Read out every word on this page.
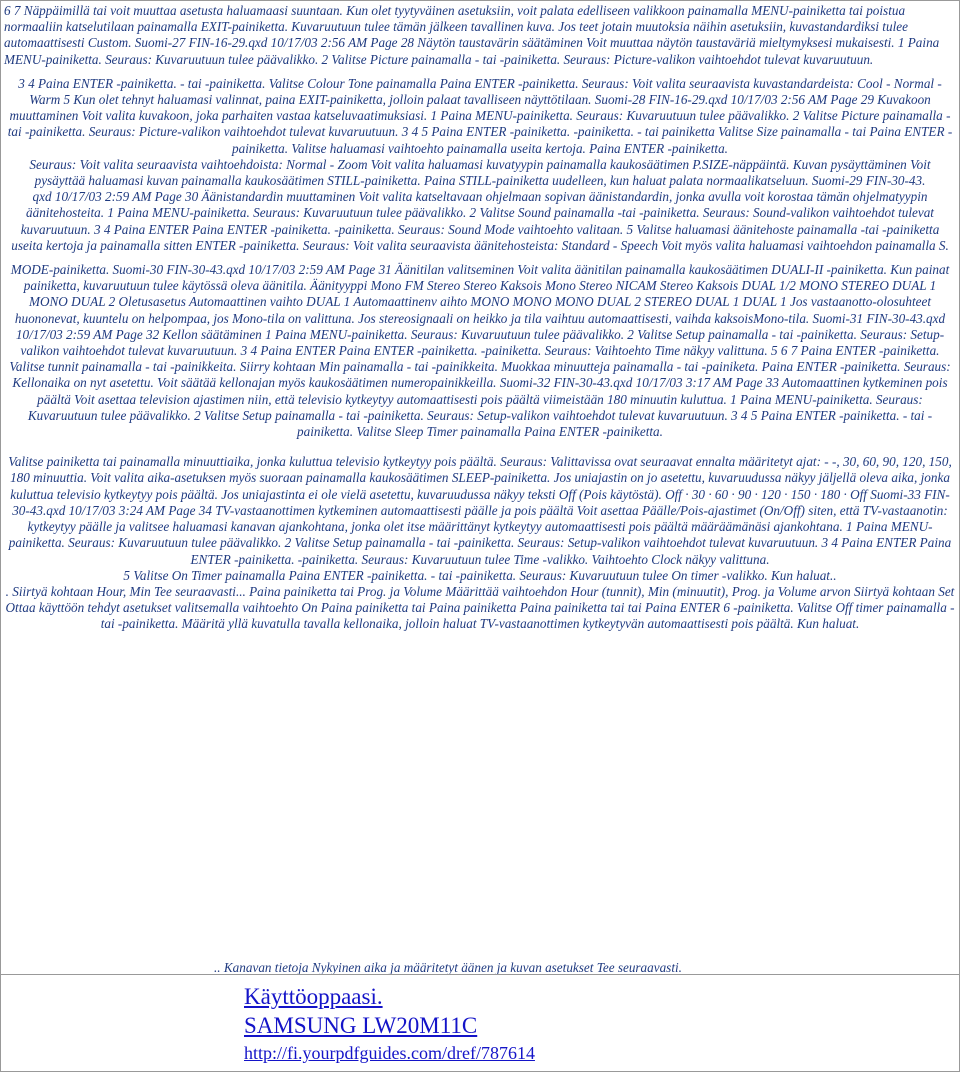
6 7 Näppäimillä tai voit muuttaa asetusta haluamaasi suuntaan. Kun olet tyytyväinen asetuksiin, voit palata edelliseen valikkoon painamalla MENU-painiketta tai poistua normaaliin katselutilaan painamalla EXIT-painiketta. Kuvaruutuun tulee tämän jälkeen tavallinen kuva. Jos teet jotain muutoksia näihin asetuksiin, kuvastandardiksi tulee automaattisesti Custom. Suomi-27 FIN-16-29.qxd 10/17/03 2:56 AM Page 28 Näytön taustavärin säätäminen Voit muuttaa näytön taustaväriä mieltymyksesi mukaisesti. 1 Paina MENU-painiketta. Seuraus: Kuvaruutuun tulee päävalikko. 2 Valitse Picture painamalla - tai -painiketta. Seuraus: Picture-valikon vaihtoehdot tulevat kuvaruutuun.

3 4 Paina ENTER -painiketta. - tai -painiketta. Valitse Colour Tone painamalla Paina ENTER -painiketta. Seuraus: Voit valita seuraavista kuvastandardeista: Cool - Normal - Warm 5 Kun olet tehnyt haluamasi valinnat, paina EXIT-painiketta, jolloin palaat tavalliseen näyttötilaan. Suomi-28 FIN-16-29.qxd 10/17/03 2:56 AM Page 29 Kuvakoon muuttaminen Voit valita kuvakoon, joka parhaiten vastaa katseluvaatimuksiasi. 1 Paina MENU-painiketta. Seuraus: Kuvaruutuun tulee päävalikko. 2 Valitse Picture painamalla - tai -painiketta. Seuraus: Picture-valikon vaihtoehdot tulevat kuvaruutuun. 3 4 5 Paina ENTER -painiketta. -painiketta. - tai painiketta Valitse Size painamalla - tai Paina ENTER -painiketta. Valitse haluamasi vaihtoehto painamalla useita kertoja. Paina ENTER -painiketta.

Seuraus: Voit valita seuraavista vaihtoehdoista: Normal - Zoom Voit valita haluamasi kuvatyypin painamalla kaukosäätimen P.SIZE-näppäintä. Kuvan pysäyttäminen Voit pysäyttää haluamasi kuvan painamalla kaukosäätimen STILL-painiketta. Paina STILL-painiketta uudelleen, kun haluat palata normaalikatseluun. Suomi-29 FIN-30-43.

qxd 10/17/03 2:59 AM Page 30 Äänistandardin muuttaminen Voit valita katseltavaan ohjelmaan sopivan äänistandardin, jonka avulla voit korostaa tämän ohjelmatyypin äänitehosteita. 1 Paina MENU-painiketta. Seuraus: Kuvaruutuun tulee päävalikko. 2 Valitse Sound painamalla -tai -painiketta. Seuraus: Sound-valikon vaihtoehdot tulevat kuvaruutuun. 3 4 Paina ENTER Paina ENTER -painiketta. -painiketta. Seuraus: Sound Mode vaihtoehto valitaan. 5 Valitse haluamasi äänitehoste painamalla -tai -painiketta useita kertoja ja painamalla sitten ENTER -painiketta. Seuraus: Voit valita seuraavista äänitehosteista: Standard - Speech Voit myös valita haluamasi vaihtoehdon painamalla S.

MODE-painiketta. Suomi-30 FIN-30-43.qxd 10/17/03 2:59 AM Page 31 Äänitilan valitseminen Voit valita äänitilan painamalla kaukosäätimen DUALI-II -painiketta. Kun painat painiketta, kuvaruutuun tulee käytössä oleva äänitila. Äänityyppi Mono FM Stereo Stereo Kaksois Mono Stereo NICAM Stereo Kaksois DUAL 1/2 MONO STEREO DUAL 1 MONO DUAL 2 Oletusasetus Automaattinen vaihto DUAL 1 Automaattinenv aihto MONO MONO MONO DUAL 2 STEREO DUAL 1 DUAL 1 Jos vastaanotto-olosuhteet huononevat, kuuntelu on helpompaa, jos Mono-tila on valittuna. Jos stereosignaali on heikko ja tila vaihtuu automaattisesti, vaihda kaksoisMono-tila. Suomi-31 FIN-30-43.qxd 10/17/03 2:59 AM Page 32 Kellon säätäminen 1 Paina MENU-painiketta. Seuraus: Kuvaruutuun tulee päävalikko. 2 Valitse Setup painamalla - tai -painiketta. Seuraus: Setup-valikon vaihtoehdot tulevat kuvaruutuun. 3 4 Paina ENTER Paina ENTER -painiketta. -painiketta. Seuraus: Vaihtoehto Time näkyy valittuna. 5 6 7 Paina ENTER -painiketta. Valitse tunnit painamalla - tai -painikkeita. Siirry kohtaan Min painamalla - tai -painikkeita. Muokkaa minuutteja painamalla - tai -painiketa. Paina ENTER -painiketta. Seuraus: Kellonaika on nyt asetettu. Voit säätää kellonajan myös kaukosäätimen numeropainikkeilla. Suomi-32 FIN-30-43.qxd 10/17/03 3:17 AM Page 33 Automaattinen kytkeminen pois päältä Voit asettaa television ajastimen niin, että televisio kytkeytyy automaattisesti pois päältä viimeistään 180 minuutin kuluttua. 1 Paina MENU-painiketta. Seuraus: Kuvaruutuun tulee päävalikko. 2 Valitse Setup painamalla - tai -painiketta. Seuraus: Setup-valikon vaihtoehdot tulevat kuvaruutuun. 3 4 5 Paina ENTER -painiketta. - tai -painiketta. Valitse Sleep Timer painamalla Paina ENTER -painiketta.

Valitse painiketta tai painamalla minuuttiaika, jonka kuluttua televisio kytkeytyy pois päältä. Seuraus: Valittavissa ovat seuraavat ennalta määritetyt ajat: - -, 30, 60, 90, 120, 150, 180 minuuttia. Voit valita aika-asetuksen myös suoraan painamalla kaukosäätimen SLEEP-painiketta. Jos uniajastin on jo asetettu, kuvaruudussa näkyy jäljellä oleva aika, jonka kuluttua televisio kytkeytyy pois päältä. Jos uniajastinta ei ole vielä asetettu, kuvaruudussa näkyy teksti Off (Pois käytöstä). Off · 30 · 60 · 90 · 120 · 150 · 180 · Off Suomi-33 FIN-30-43.qxd 10/17/03 3:24 AM Page 34 TV-vastaanottimen kytkeminen automaattisesti päälle ja pois päältä Voit asettaa Päälle/Pois-ajastimet (On/Off) siten, että TV-vastaanotin: kytkeytyy päälle ja valitsee haluamasi kanavan ajankohtana, jonka olet itse määrittänyt kytkeytyy automaattisesti pois päältä määräämänäsi ajankohtana. 1 Paina MENU-painiketta. Seuraus: Kuvaruutuun tulee päävalikko. 2 Valitse Setup painamalla - tai -painiketta. Seuraus: Setup-valikon vaihtoehdot tulevat kuvaruutuun. 3 4 Paina ENTER Paina ENTER -painiketta. -painiketta. Seuraus: Kuvaruutuun tulee Time -valikko. Vaihtoehto Clock näkyy valittuna.

5 Valitse On Timer painamalla Paina ENTER -painiketta. - tai -painiketta. Seuraus: Kuvaruutuun tulee On timer -valikko. Kun haluat..

. Siirtyä kohtaan Hour, Min Tee seuraavasti... Paina painiketta tai Prog. ja Volume Määrittää vaihtoehdon Hour (tunnit), Min (minuutit), Prog. ja Volume arvon Siirtyä kohtaan Set Ottaa käyttöön tehdyt asetukset valitsemalla vaihtoehto On Paina painiketta tai Paina painiketta Paina painiketta tai tai Paina ENTER 6 -painiketta. Valitse Off timer painamalla - tai -painiketta. Määritä yllä kuvatulla tavalla kellonaika, jolloin haluat TV-vastaanottimen kytkeytyvän automaattisesti pois päältä. Kun haluat.

.. Kanavan tietoja Nykyinen aika ja määritetyt äänen ja kuvan asetukset Tee seuraavasti.
Käyttöoppaasi.
SAMSUNG LW20M11C
http://fi.yourpdfguides.com/dref/787614
